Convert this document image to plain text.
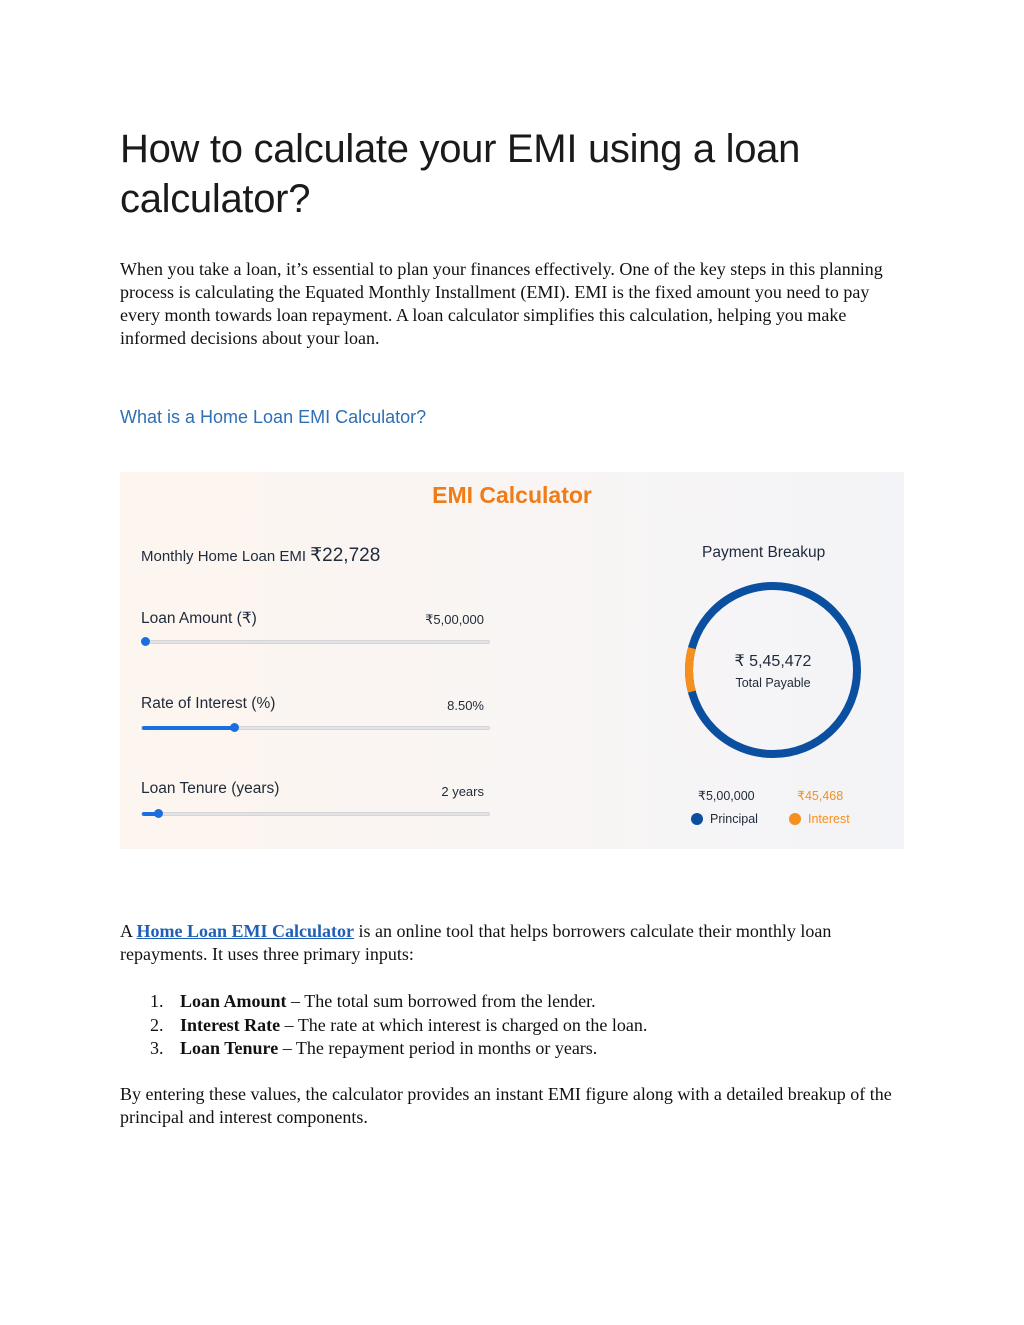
How to calculate your EMI using a loan calculator?

When you take a loan, it’s essential to plan your finances effectively. One of the key steps in this planning process is calculating the Equated Monthly Installment (EMI). EMI is the fixed amount you need to pay every month towards loan repayment. A loan calculator simplifies this calculation, helping you make informed decisions about your loan.

What is a Home Loan EMI Calculator?
EMI Calculator
Monthly Home Loan EMI ₹22,728
Loan Amount (₹)	₹5,00,000
Rate of Interest (%)	8.50%
Loan Tenure (years)	2 years
Payment Breakup
₹ 5,45,472
Total Payable
₹5,00,000	₹45,468
Principal	Interest

A Home Loan EMI Calculator is an online tool that helps borrowers calculate their monthly loan repayments. It uses three primary inputs:

1. Loan Amount – The total sum borrowed from the lender.
2. Interest Rate – The rate at which interest is charged on the loan.
3. Loan Tenure – The repayment period in months or years.

By entering these values, the calculator provides an instant EMI figure along with a detailed breakup of the principal and interest components.
